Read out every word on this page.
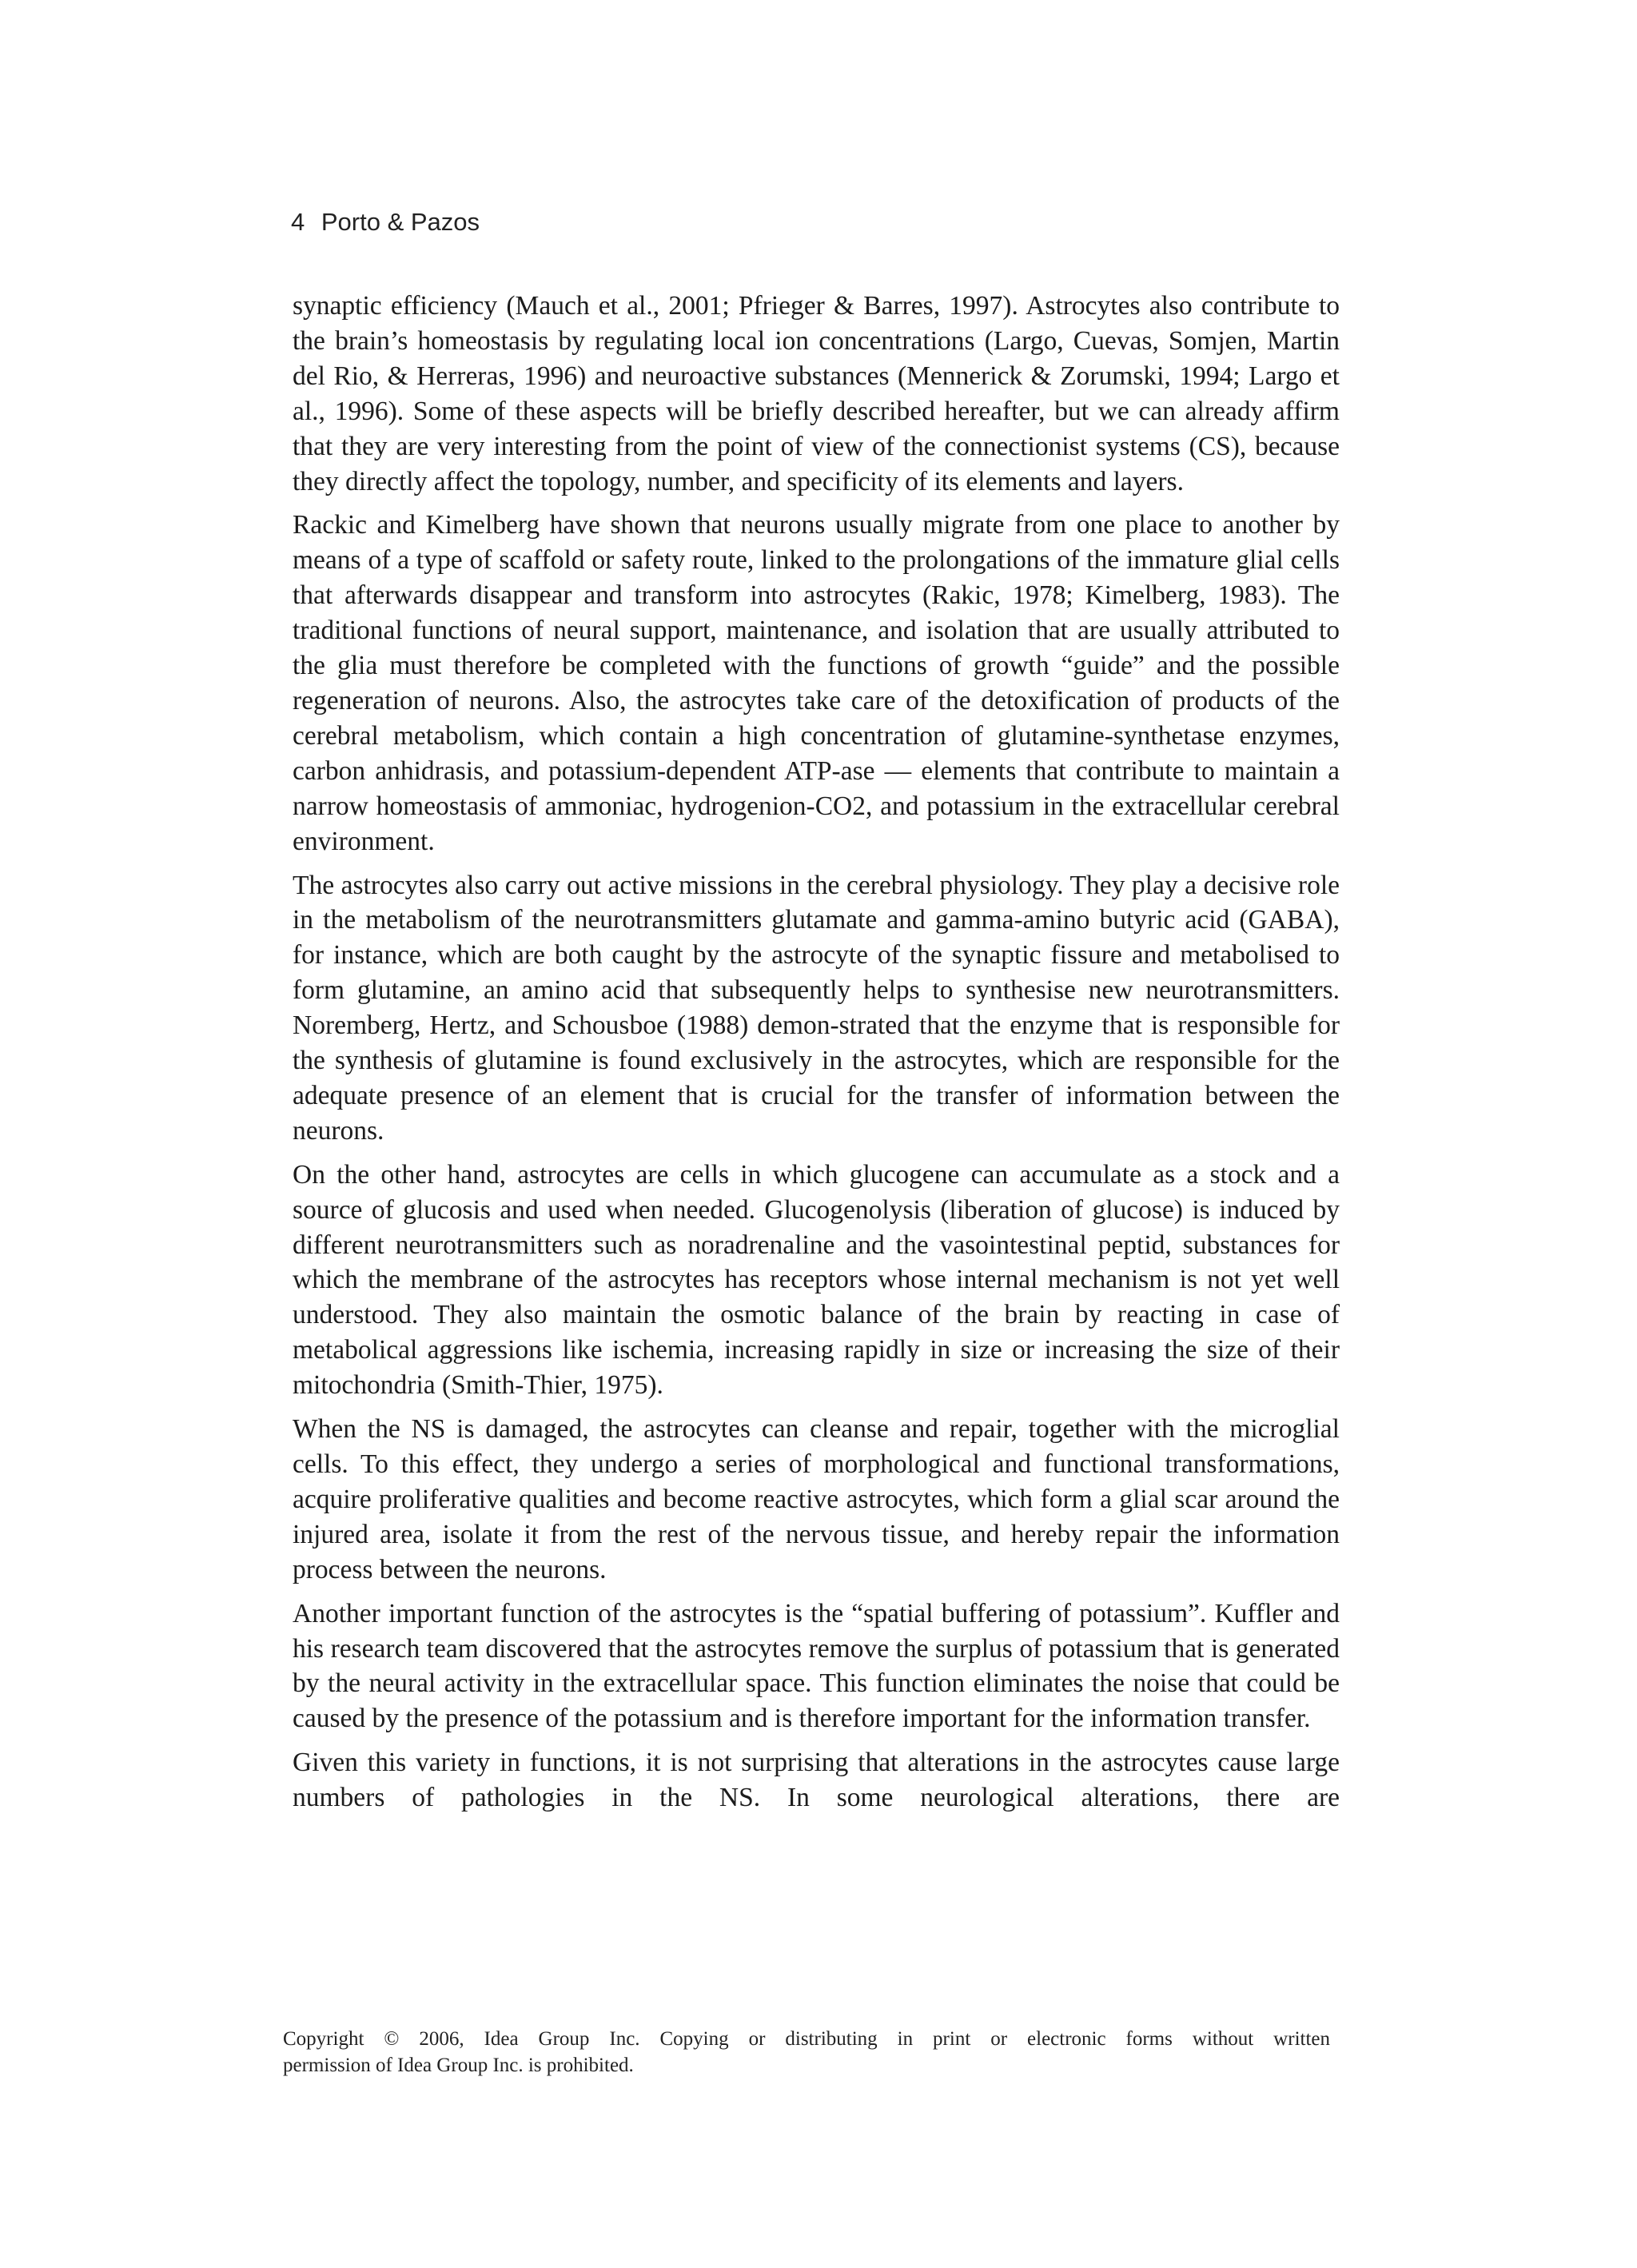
4 Porto & Pazos

synaptic efficiency (Mauch et al., 2001; Pfrieger & Barres, 1997). Astrocytes also contribute to the brain’s homeostasis by regulating local ion concentrations (Largo, Cuevas, Somjen, Martin del Rio, & Herreras, 1996) and neuroactive substances (Mennerick & Zorumski, 1994; Largo et al., 1996). Some of these aspects will be briefly described hereafter, but we can already affirm that they are very interesting from the point of view of the connectionist systems (CS), because they directly affect the topology, number, and specificity of its elements and layers.

Rackic and Kimelberg have shown that neurons usually migrate from one place to another by means of a type of scaffold or safety route, linked to the prolongations of the immature glial cells that afterwards disappear and transform into astrocytes (Rakic, 1978; Kimelberg, 1983). The traditional functions of neural support, maintenance, and isolation that are usually attributed to the glia must therefore be completed with the functions of growth “guide” and the possible regeneration of neurons. Also, the astrocytes take care of the detoxification of products of the cerebral metabolism, which contain a high concentration of glutamine-synthetase enzymes, carbon anhidrasis, and potassium-dependent ATP-ase — elements that contribute to maintain a narrow homeostasis of ammoniac, hydrogenion-CO2, and potassium in the extracellular cerebral environment.

The astrocytes also carry out active missions in the cerebral physiology. They play a decisive role in the metabolism of the neurotransmitters glutamate and gamma-amino butyric acid (GABA), for instance, which are both caught by the astrocyte of the synaptic fissure and metabolised to form glutamine, an amino acid that subsequently helps to synthesise new neurotransmitters. Noremberg, Hertz, and Schousboe (1988) demon-strated that the enzyme that is responsible for the synthesis of glutamine is found exclusively in the astrocytes, which are responsible for the adequate presence of an element that is crucial for the transfer of information between the neurons.

On the other hand, astrocytes are cells in which glucogene can accumulate as a stock and a source of glucosis and used when needed. Glucogenolysis (liberation of glucose) is induced by different neurotransmitters such as noradrenaline and the vasointestinal peptid, substances for which the membrane of the astrocytes has receptors whose internal mechanism is not yet well understood. They also maintain the osmotic balance of the brain by reacting in case of metabolical aggressions like ischemia, increasing rapidly in size or increasing the size of their mitochondria (Smith-Thier, 1975).

When the NS is damaged, the astrocytes can cleanse and repair, together with the microglial cells. To this effect, they undergo a series of morphological and functional transformations, acquire proliferative qualities and become reactive astrocytes, which form a glial scar around the injured area, isolate it from the rest of the nervous tissue, and hereby repair the information process between the neurons.

Another important function of the astrocytes is the “spatial buffering of potassium”. Kuffler and his research team discovered that the astrocytes remove the surplus of potassium that is generated by the neural activity in the extracellular space. This function eliminates the noise that could be caused by the presence of the potassium and is therefore important for the information transfer.

Given this variety in functions, it is not surprising that alterations in the astrocytes cause large numbers of pathologies in the NS. In some neurological alterations, there are

Copyright © 2006, Idea Group Inc. Copying or distributing in print or electronic forms without written
permission of Idea Group Inc. is prohibited.
